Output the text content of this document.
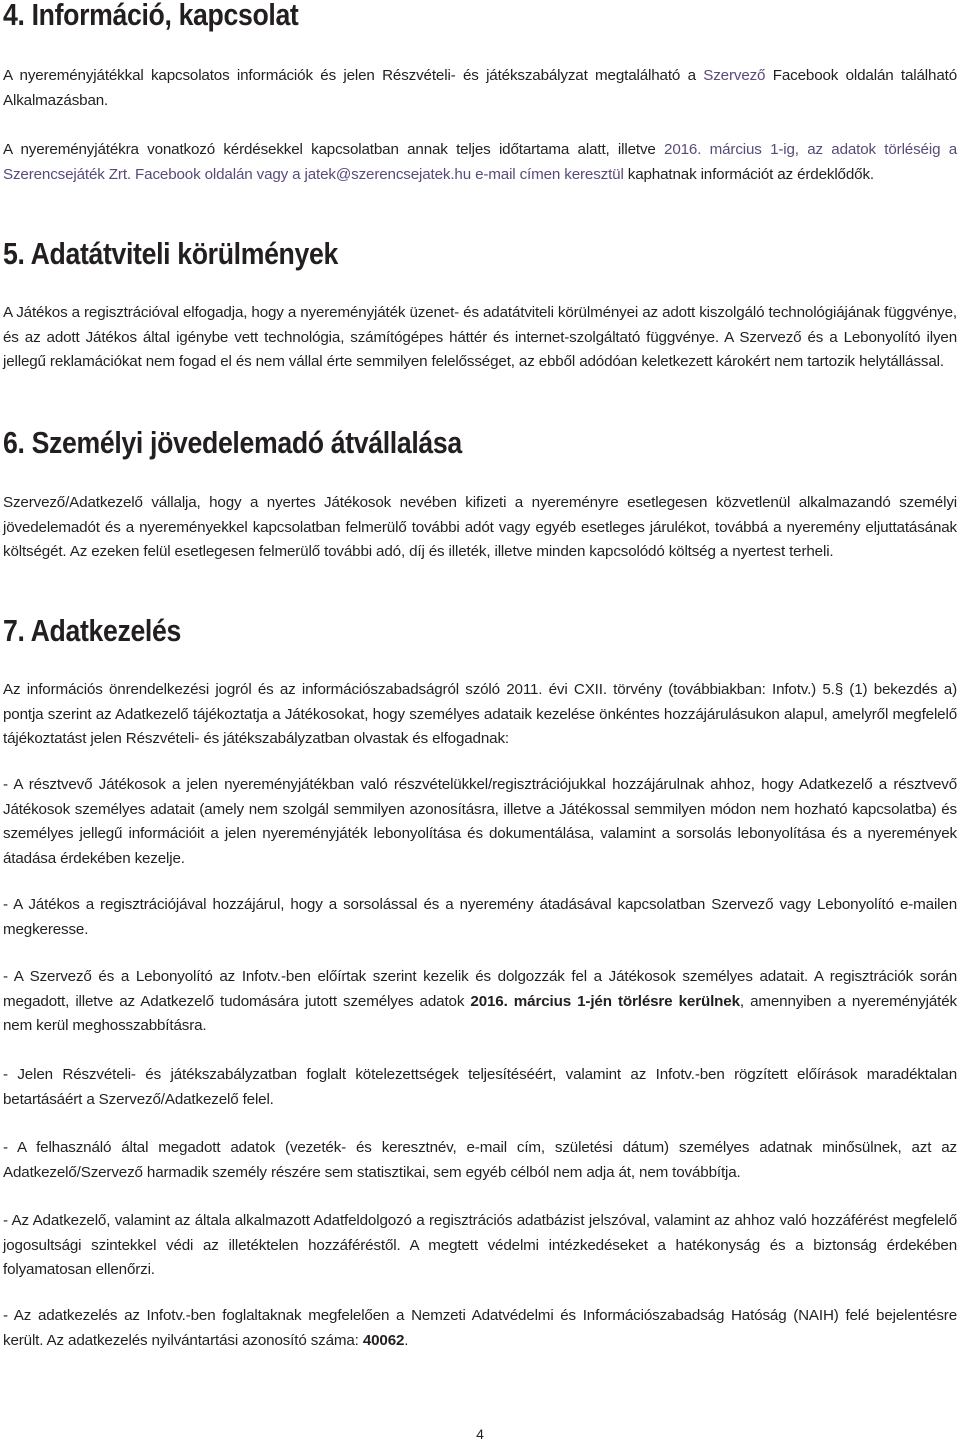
4. Információ, kapcsolat

A nyereményjátékkal kapcsolatos információk és jelen Részvételi- és játékszabályzat megtalálható a Szervező Facebook oldalán található Alkalmazásban.

A nyereményjátékra vonatkozó kérdésekkel kapcsolatban annak teljes időtartama alatt, illetve 2016. március 1-ig, az adatok törléséig a Szerencsejáték Zrt. Facebook oldalán vagy a jatek@szerencsejatek.hu e-mail címen keresztül kaphatnak információt az érdeklődők.

5. Adatátviteli körülmények

A Játékos a regisztrációval elfogadja, hogy a nyereményjáték üzenet- és adatátviteli körülményei az adott kiszolgáló technológiájának függvénye, és az adott Játékos által igénybe vett technológia, számítógépes háttér és internet-szolgáltató függvénye. A Szervező és a Lebonyolító ilyen jellegű reklamációkat nem fogad el és nem vállal érte semmilyen felelősséget, az ebből adódóan keletkezett károkért nem tartozik helytállással.

6. Személyi jövedelemadó átvállalása

Szervező/Adatkezelő vállalja, hogy a nyertes Játékosok nevében kifizeti a nyereményre esetlegesen közvetlenül alkalmazandó személyi jövedelemadót és a nyereményekkel kapcsolatban felmerülő további adót vagy egyéb esetleges járulékot, továbbá a nyeremény eljuttatásának költségét. Az ezeken felül esetlegesen felmerülő további adó, díj és illeték, illetve minden kapcsolódó költség a nyertest terheli.

7. Adatkezelés

Az információs önrendelkezési jogról és az információszabadságról szóló 2011. évi CXII. törvény (továbbiakban: Infotv.) 5.§ (1) bekezdés a) pontja szerint az Adatkezelő tájékoztatja a Játékosokat, hogy személyes adataik kezelése önkéntes hozzájárulásukon alapul, amelyről megfelelő tájékoztatást jelen Részvételi- és játékszabályzatban olvastak és elfogadnak:

- A résztvevő Játékosok a jelen nyereményjátékban való részvételükkel/regisztrációjukkal hozzájárulnak ahhoz, hogy Adatkezelő a résztvevő Játékosok személyes adatait (amely nem szolgál semmilyen azonosításra, illetve a Játékossal semmilyen módon nem hozható kapcsolatba) és személyes jellegű információit a jelen nyereményjáték lebonyolítása és dokumentálása, valamint a sorsolás lebonyolítása és a nyeremények átadása érdekében kezelje.

- A Játékos a regisztrációjával hozzájárul, hogy a sorsolással és a nyeremény átadásával kapcsolatban Szervező vagy Lebonyolító e-mailen megkeresse.

- A Szervező és a Lebonyolító az Infotv.-ben előírtak szerint kezelik és dolgozzák fel a Játékosok személyes adatait. A regisztrációk során megadott, illetve az Adatkezelő tudomására jutott személyes adatok 2016. március 1-jén törlésre kerülnek, amennyiben a nyereményjáték nem kerül meghosszabbításra.

- Jelen Részvételi- és játékszabályzatban foglalt kötelezettségek teljesítéséért, valamint az Infotv.-ben rögzített előírások maradéktalan betartásáért a Szervező/Adatkezelő felel.

- A felhasználó által megadott adatok (vezeték- és keresztnév, e-mail cím, születési dátum) személyes adatnak minősülnek, azt az Adatkezelő/Szervező harmadik személy részére sem statisztikai, sem egyéb célból nem adja át, nem továbbítja.

- Az Adatkezelő, valamint az általa alkalmazott Adatfeldolgozó a regisztrációs adatbázist jelszóval, valamint az ahhoz való hozzáférést megfelelő jogosultsági szintekkel védi az illetéktelen hozzáféréstől. A megtett védelmi intézkedéseket a hatékonyság és a biztonság érdekében folyamatosan ellenőrzi.

- Az adatkezelés az Infotv.-ben foglaltaknak megfelelően a Nemzeti Adatvédelmi és Információszabadság Hatóság (NAIH) felé bejelentésre került. Az adatkezelés nyilvántartási azonosító száma: 40062.

4
